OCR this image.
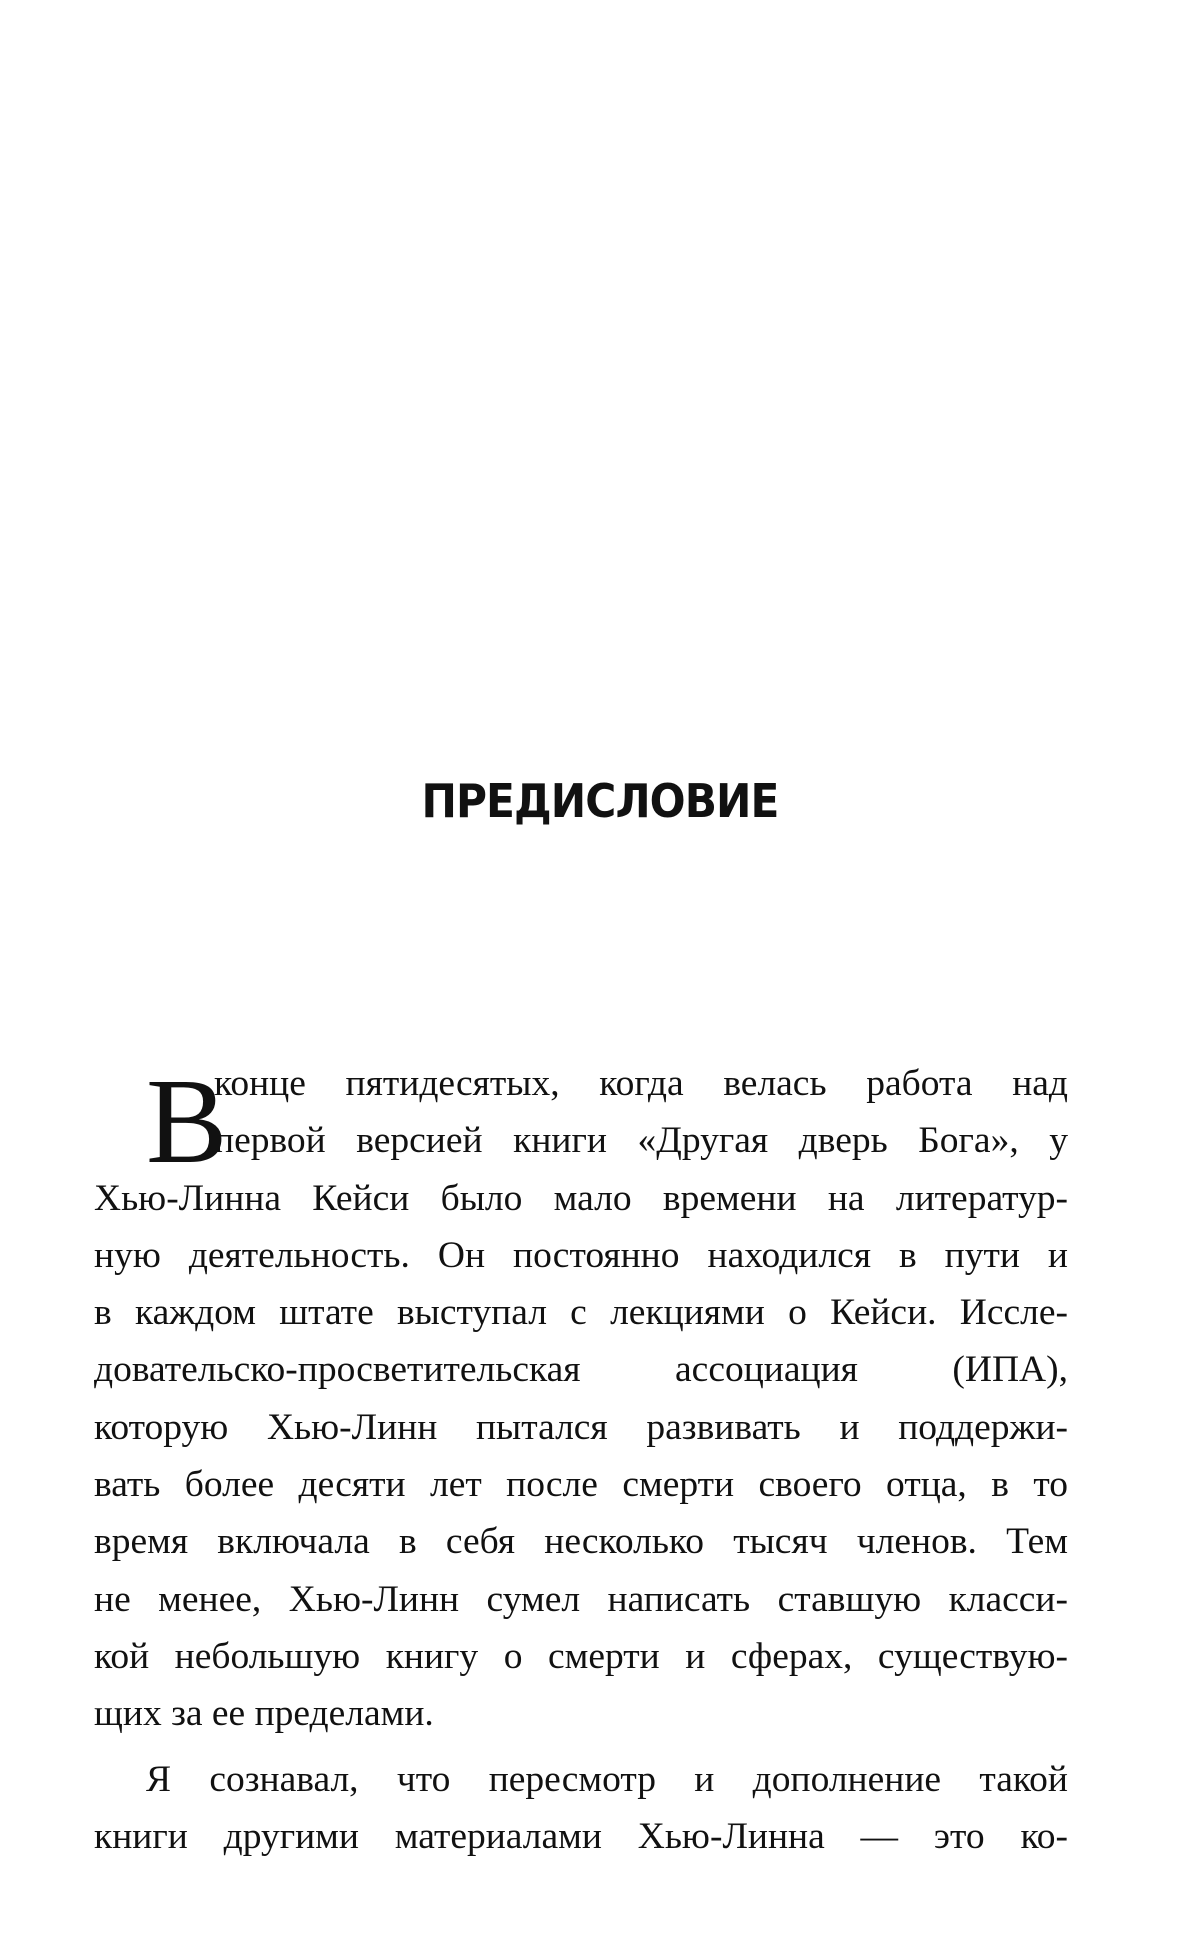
ПРЕДИСЛОВИЕ
В
конце пятидесятых, когда велась работа над
первой версией книги «Другая дверь Бога», у
Хью-Линна Кейси было мало времени на литератур-
ную деятельность. Он постоянно находился в пути и
в каждом штате выступал с лекциями о Кейси. Иссле-
довательско-просветительская ассоциация (ИПА),
которую Хью-Линн пытался развивать и поддержи-
вать более десяти лет после смерти своего отца, в то
время включала в себя несколько тысяч членов. Тем
не менее, Хью-Линн сумел написать ставшую класси-
кой небольшую книгу о смерти и сферах, существую-
щих за ее пределами.
Я сознавал, что пересмотр и дополнение такой
книги другими материалами Хью-Линна — это ко-
